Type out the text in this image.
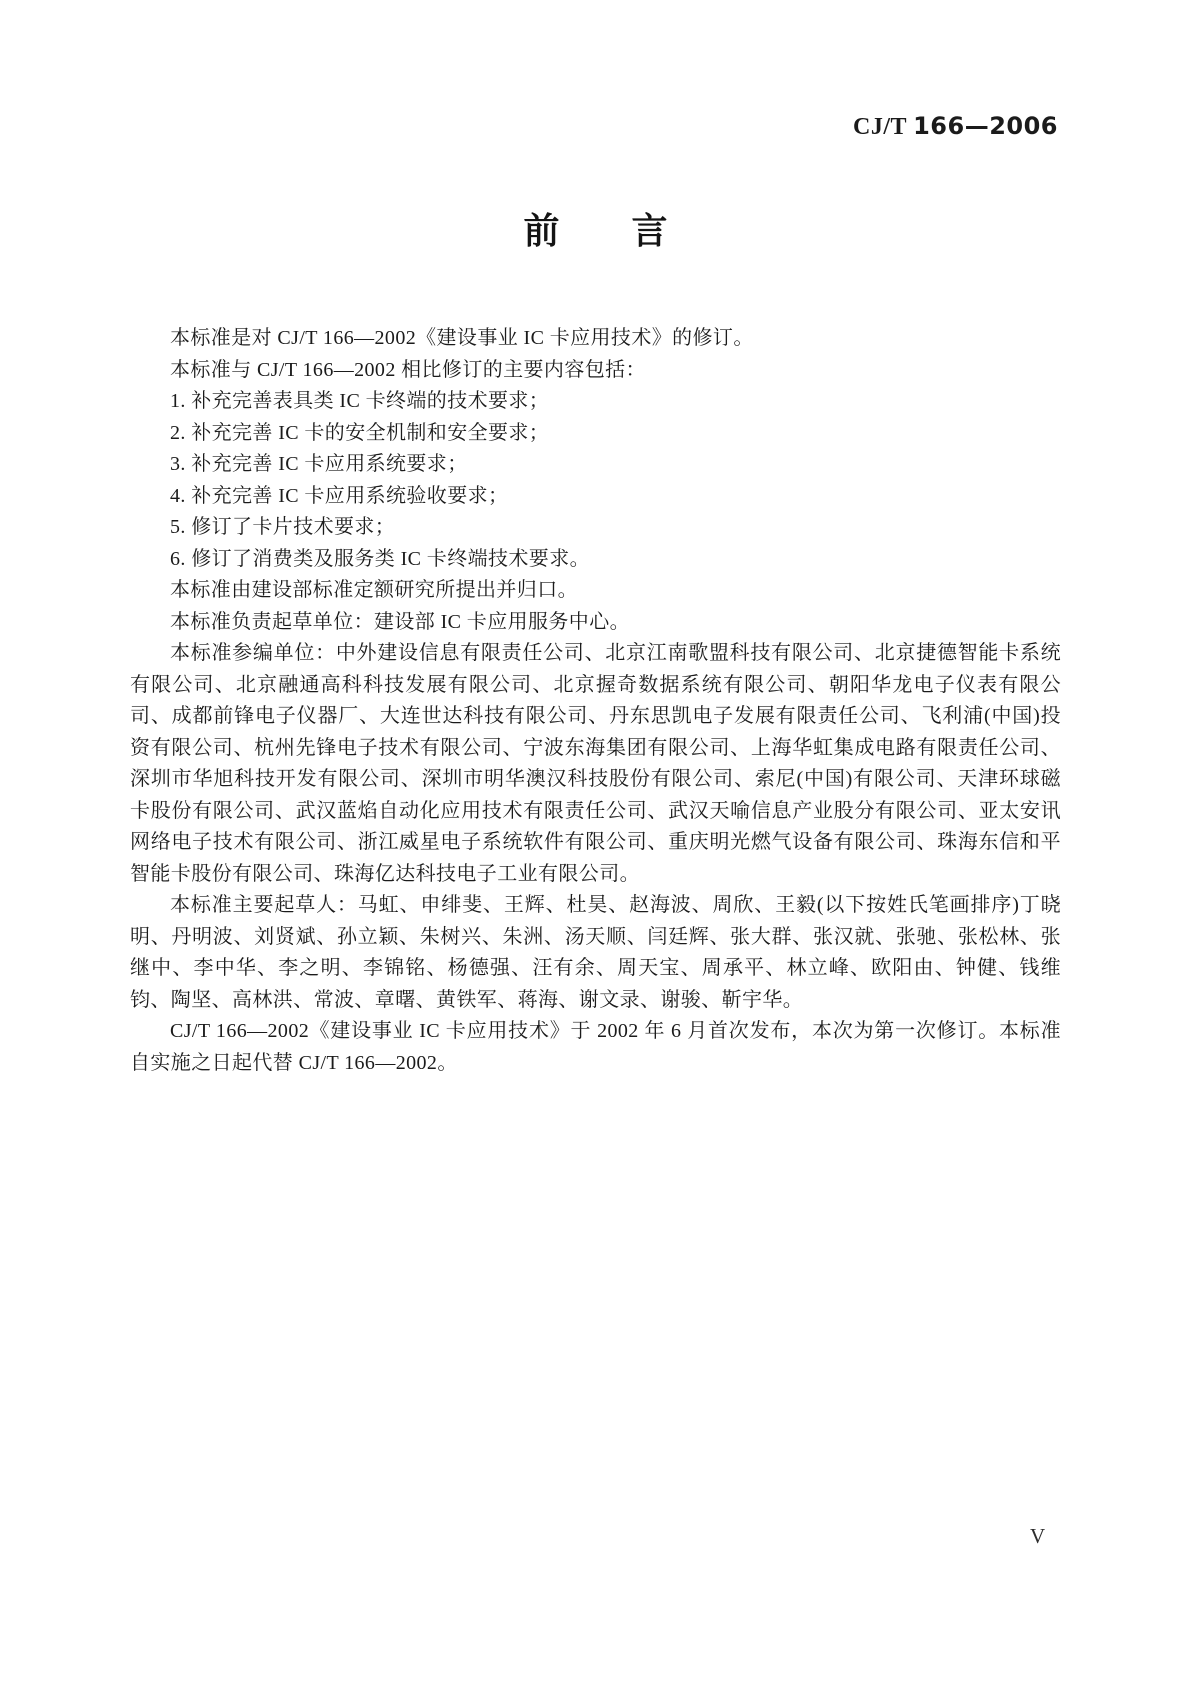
CJ/T 166—2006
前　　言

本标准是对 CJ/T 166—2002《建设事业 IC 卡应用技术》的修订。

本标准与 CJ/T 166—2002 相比修订的主要内容包括：

1. 补充完善表具类 IC 卡终端的技术要求；

2. 补充完善 IC 卡的安全机制和安全要求；

3. 补充完善 IC 卡应用系统要求；

4. 补充完善 IC 卡应用系统验收要求；

5. 修订了卡片技术要求；

6. 修订了消费类及服务类 IC 卡终端技术要求。

本标准由建设部标准定额研究所提出并归口。

本标准负责起草单位：建设部 IC 卡应用服务中心。

本标准参编单位：中外建设信息有限责任公司、北京江南歌盟科技有限公司、北京捷德智能卡系统有限公司、北京融通高科科技发展有限公司、北京握奇数据系统有限公司、朝阳华龙电子仪表有限公司、成都前锋电子仪器厂、大连世达科技有限公司、丹东思凯电子发展有限责任公司、飞利浦(中国)投资有限公司、杭州先锋电子技术有限公司、宁波东海集团有限公司、上海华虹集成电路有限责任公司、深圳市华旭科技开发有限公司、深圳市明华澳汉科技股份有限公司、索尼(中国)有限公司、天津环球磁卡股份有限公司、武汉蓝焰自动化应用技术有限责任公司、武汉天喻信息产业股分有限公司、亚太安讯网络电子技术有限公司、浙江威星电子系统软件有限公司、重庆明光燃气设备有限公司、珠海东信和平智能卡股份有限公司、珠海亿达科技电子工业有限公司。

本标准主要起草人：马虹、申绯斐、王辉、杜昊、赵海波、周欣、王毅(以下按姓氏笔画排序)丁晓明、丹明波、刘贤斌、孙立颖、朱树兴、朱洲、汤天顺、闫廷辉、张大群、张汉就、张驰、张松林、张继中、李中华、李之明、李锦铭、杨德强、汪有余、周天宝、周承平、林立峰、欧阳由、钟健、钱维钧、陶坚、高林洪、常波、章曙、黄铁军、蒋海、谢文录、谢骏、靳宇华。

CJ/T 166—2002《建设事业 IC 卡应用技术》于 2002 年 6 月首次发布，本次为第一次修订。本标准自实施之日起代替 CJ/T 166—2002。

V
